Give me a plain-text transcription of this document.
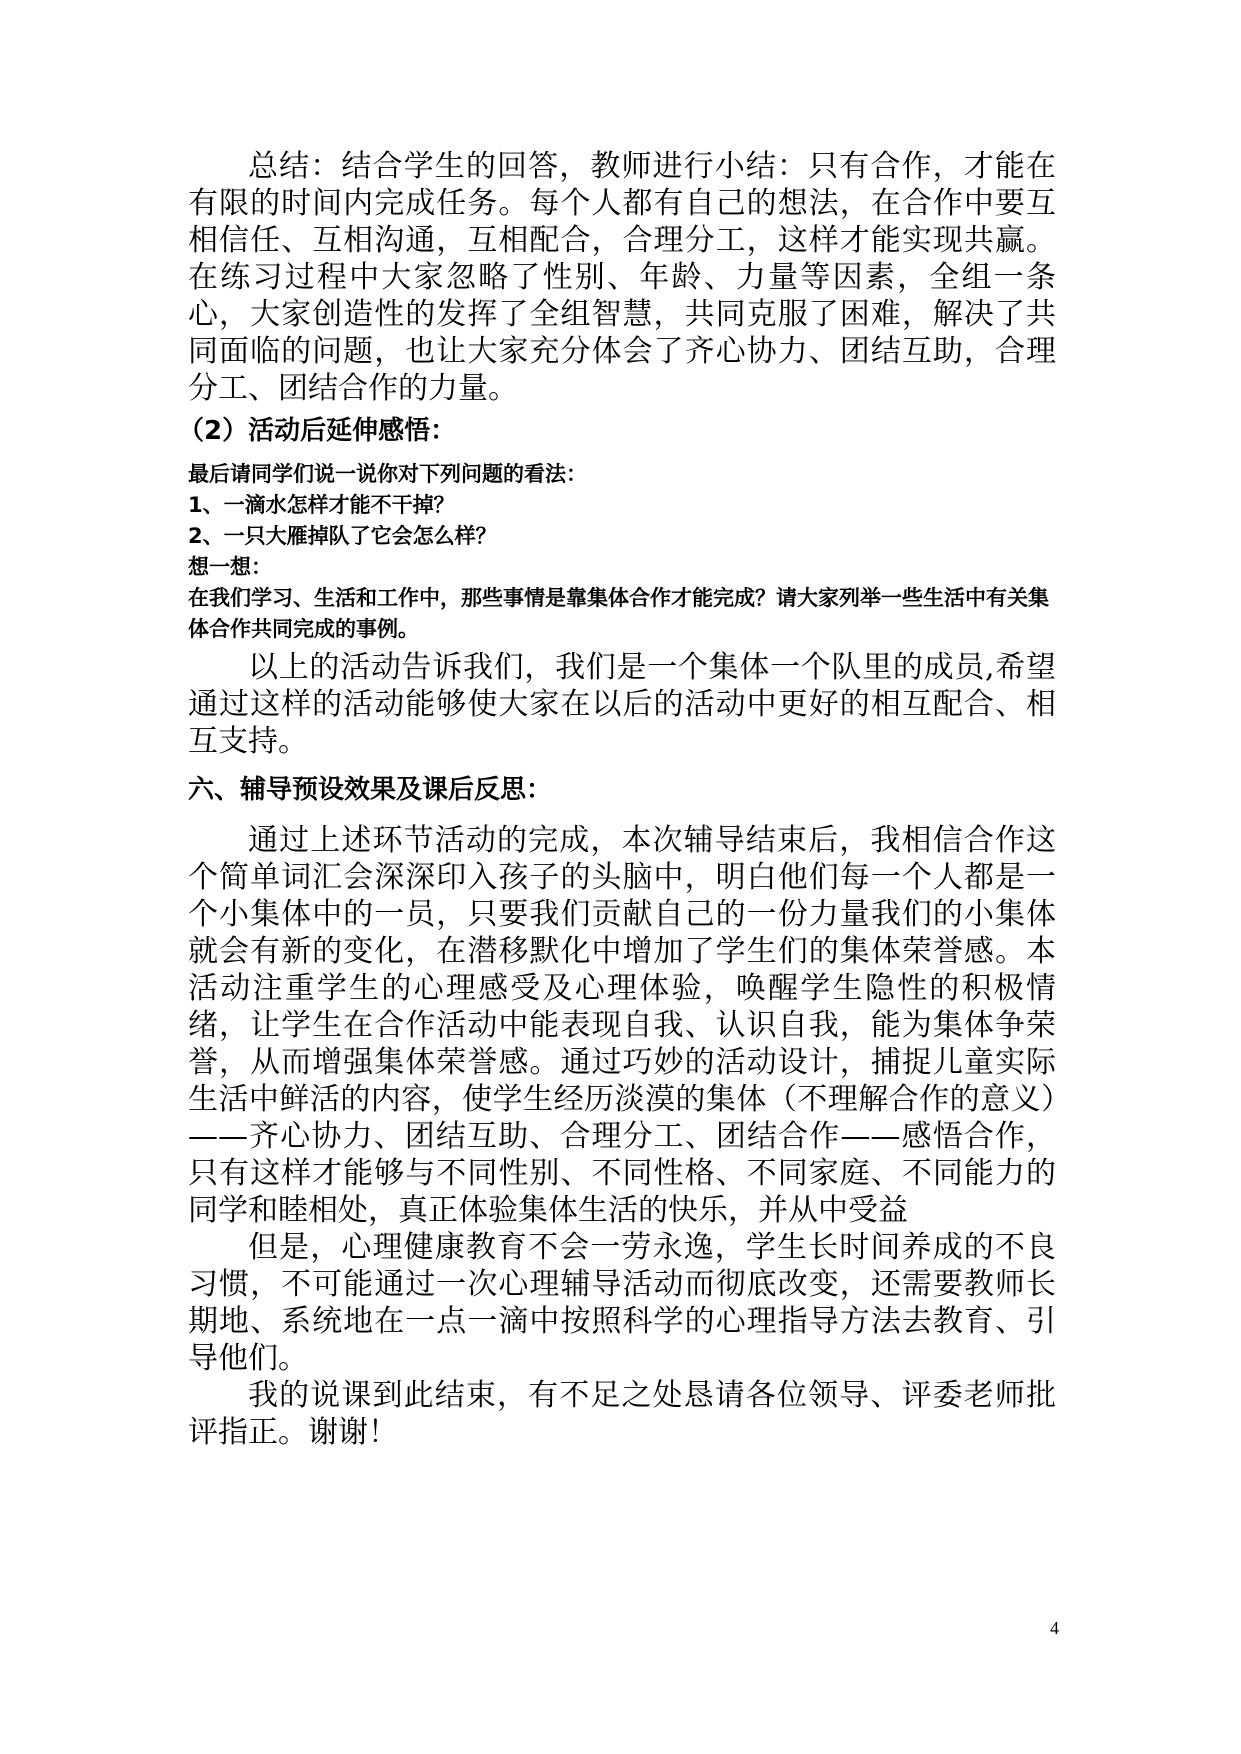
总结：结合学生的回答，教师进行小结：只有合作，才能在有限的时间内完成任务。每个人都有自己的想法，在合作中要互相信任、互相沟通，互相配合，合理分工，这样才能实现共赢。在练习过程中大家忽略了性别、年龄、力量等因素，全组一条心，大家创造性的发挥了全组智慧，共同克服了困难，解决了共同面临的问题，也让大家充分体会了齐心协力、团结互助，合理分工、团结合作的力量。

（2）活动后延伸感悟：

最后请同学们说一说你对下列问题的看法：

1、一滴水怎样才能不干掉？

2、一只大雁掉队了它会怎么样？

想一想：

在我们学习、生活和工作中，那些事情是靠集体合作才能完成？请大家列举一些生活中有关集体合作共同完成的事例。

以上的活动告诉我们，我们是一个集体一个队里的成员,希望通过这样的活动能够使大家在以后的活动中更好的相互配合、相互支持。

六、辅导预设效果及课后反思：

通过上述环节活动的完成，本次辅导结束后，我相信合作这个简单词汇会深深印入孩子的头脑中，明白他们每一个人都是一个小集体中的一员，只要我们贡献自己的一份力量我们的小集体就会有新的变化，在潜移默化中增加了学生们的集体荣誉感。本活动注重学生的心理感受及心理体验，唤醒学生隐性的积极情绪，让学生在合作活动中能表现自我、认识自我，能为集体争荣誉，从而增强集体荣誉感。通过巧妙的活动设计，捕捉儿童实际生活中鲜活的内容，使学生经历淡漠的集体（不理解合作的意义）——齐心协力、团结互助、合理分工、团结合作——感悟合作，只有这样才能够与不同性别、不同性格、不同家庭、不同能力的同学和睦相处，真正体验集体生活的快乐，并从中受益

但是，心理健康教育不会一劳永逸，学生长时间养成的不良习惯，不可能通过一次心理辅导活动而彻底改变，还需要教师长期地、系统地在一点一滴中按照科学的心理指导方法去教育、引导他们。

我的说课到此结束，有不足之处恳请各位领导、评委老师批评指正。谢谢！

4
